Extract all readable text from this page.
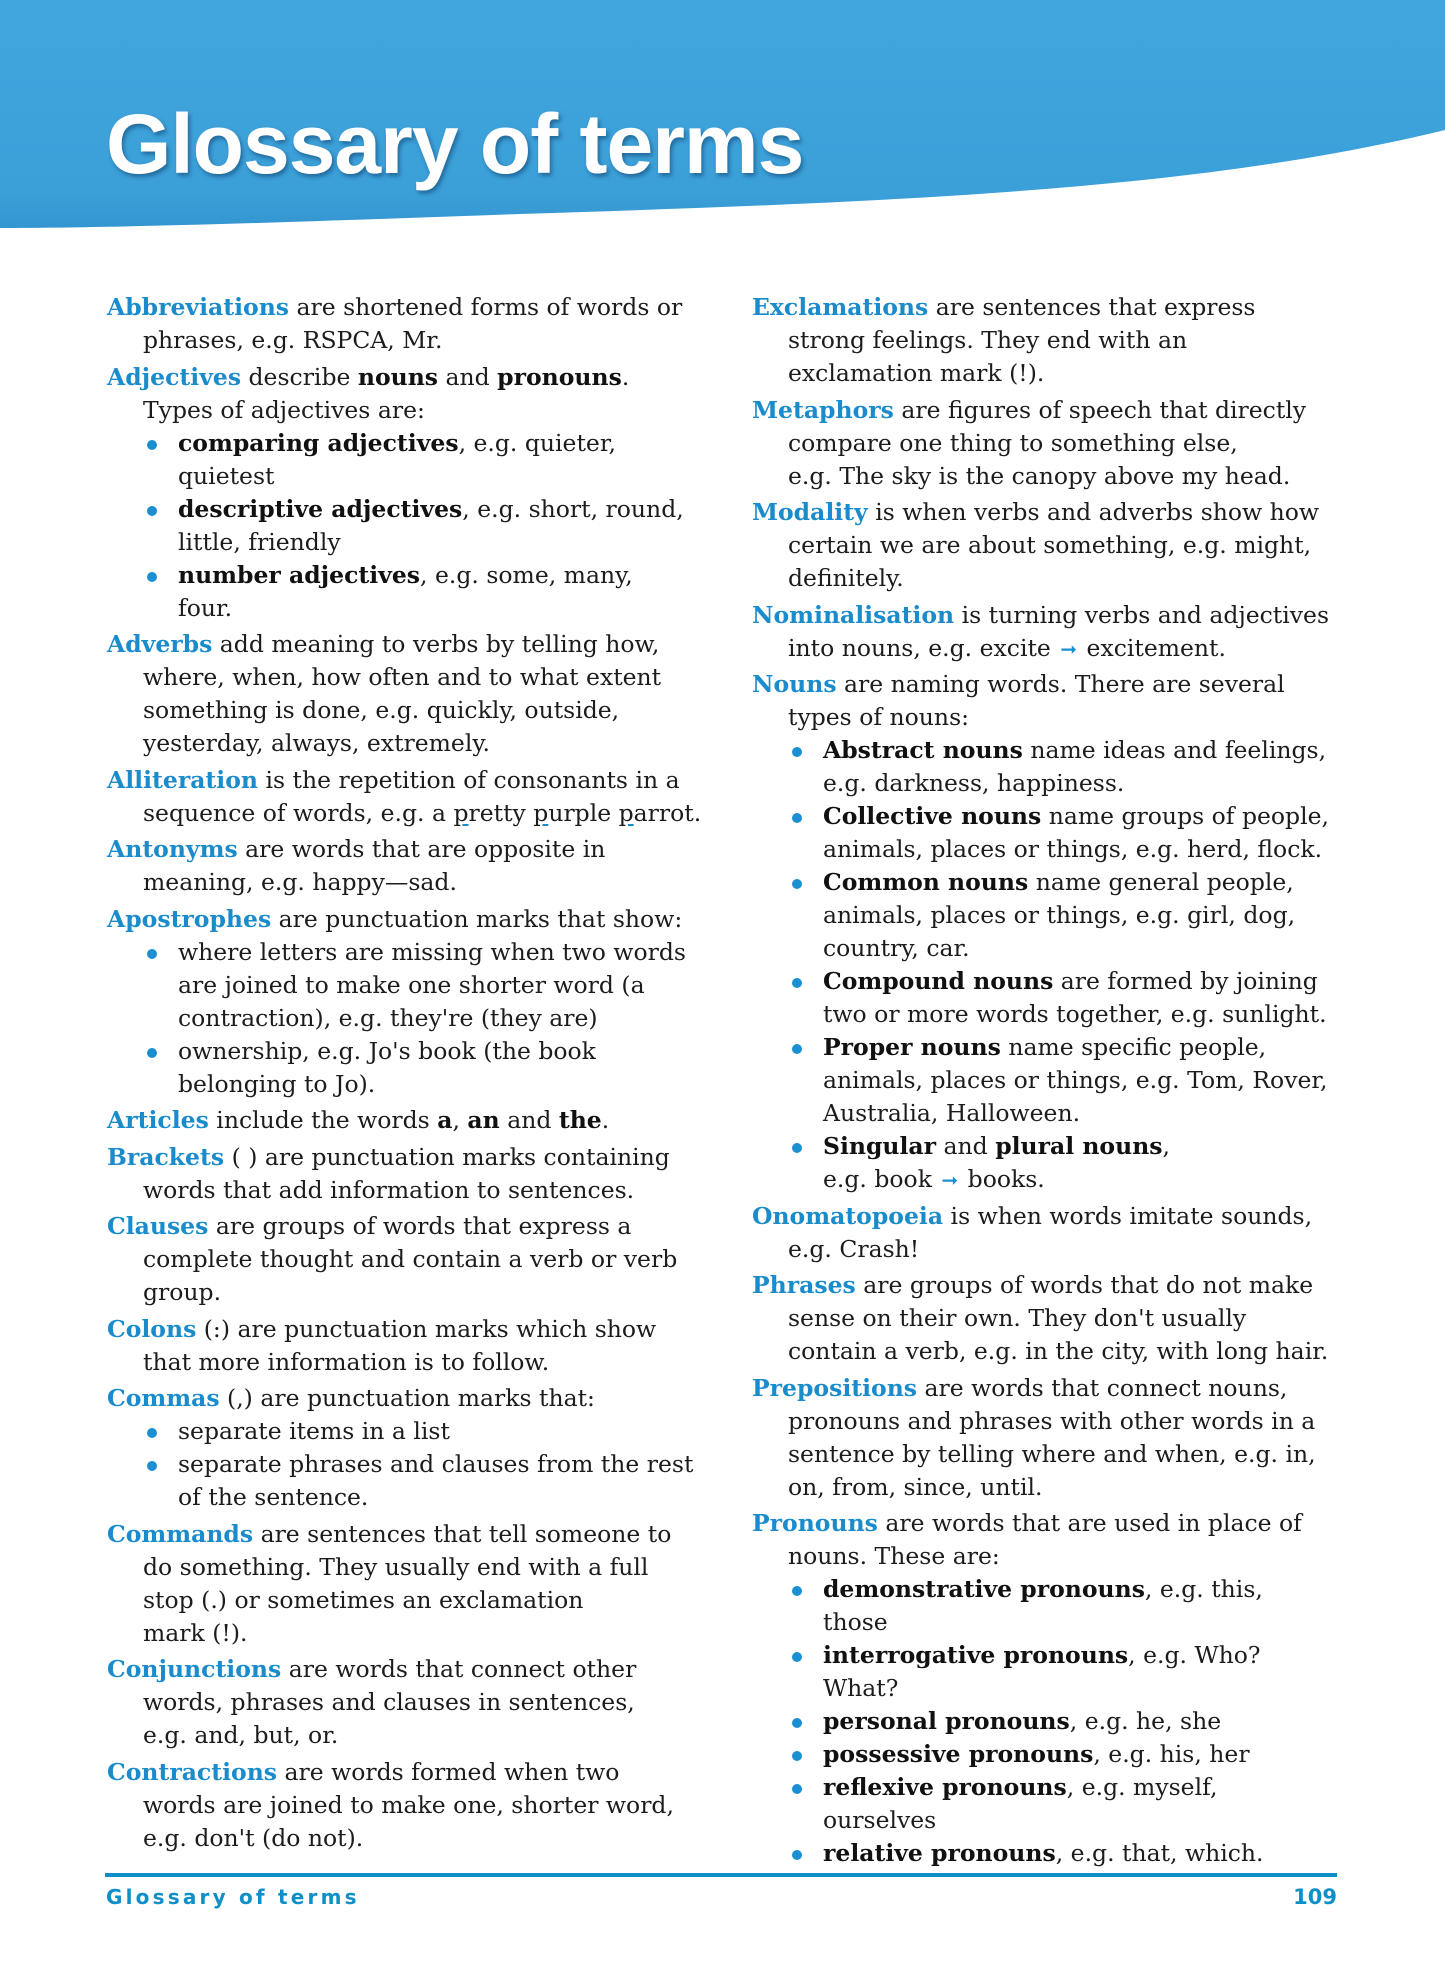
Glossary of terms
Abbreviations are shortened forms of words or
phrases, e.g. RSPCA, Mr.
Adjectives describe nouns and pronouns.
Types of adjectives are:
comparing adjectives, e.g. quieter,
quietest
descriptive adjectives, e.g. short, round,
little, friendly
number adjectives, e.g. some, many,
four.
Adverbs add meaning to verbs by telling how,
where, when, how often and to what extent
something is done, e.g. quickly, outside,
yesterday, always, extremely.
Alliteration is the repetition of consonants in a
sequence of words, e.g. a pretty purple parrot.
Antonyms are words that are opposite in
meaning, e.g. happy—sad.
Apostrophes are punctuation marks that show:
where letters are missing when two words
are joined to make one shorter word (a
contraction), e.g. they're (they are)
ownership, e.g. Jo's book (the book
belonging to Jo).
Articles include the words a, an and the.
Brackets ( ) are punctuation marks containing
words that add information to sentences.
Clauses are groups of words that express a
complete thought and contain a verb or verb
group.
Colons (:) are punctuation marks which show
that more information is to follow.
Commas (,) are punctuation marks that:
separate items in a list
separate phrases and clauses from the rest
of the sentence.
Commands are sentences that tell someone to
do something. They usually end with a full
stop (.) or sometimes an exclamation
mark (!).
Conjunctions are words that connect other
words, phrases and clauses in sentences,
e.g. and, but, or.
Contractions are words formed when two
words are joined to make one, shorter word,
e.g. don't (do not).
Exclamations are sentences that express
strong feelings. They end with an
exclamation mark (!).
Metaphors are figures of speech that directly
compare one thing to something else,
e.g. The sky is the canopy above my head.
Modality is when verbs and adverbs show how
certain we are about something, e.g. might,
definitely.
Nominalisation is turning verbs and adjectives
into nouns, e.g. excite ➞ excitement.
Nouns are naming words. There are several
types of nouns:
Abstract nouns name ideas and feelings,
e.g. darkness, happiness.
Collective nouns name groups of people,
animals, places or things, e.g. herd, flock.
Common nouns name general people,
animals, places or things, e.g. girl, dog,
country, car.
Compound nouns are formed by joining
two or more words together, e.g. sunlight.
Proper nouns name specific people,
animals, places or things, e.g. Tom, Rover,
Australia, Halloween.
Singular and plural nouns,
e.g. book ➞ books.
Onomatopoeia is when words imitate sounds,
e.g. Crash!
Phrases are groups of words that do not make
sense on their own. They don't usually
contain a verb, e.g. in the city, with long hair.
Prepositions are words that connect nouns,
pronouns and phrases with other words in a
sentence by telling where and when, e.g. in,
on, from, since, until.
Pronouns are words that are used in place of
nouns. These are:
demonstrative pronouns, e.g. this,
those
interrogative pronouns, e.g. Who?
What?
personal pronouns, e.g. he, she
possessive pronouns, e.g. his, her
reflexive pronouns, e.g. myself,
ourselves
relative pronouns, e.g. that, which.
Glossary of terms	109
